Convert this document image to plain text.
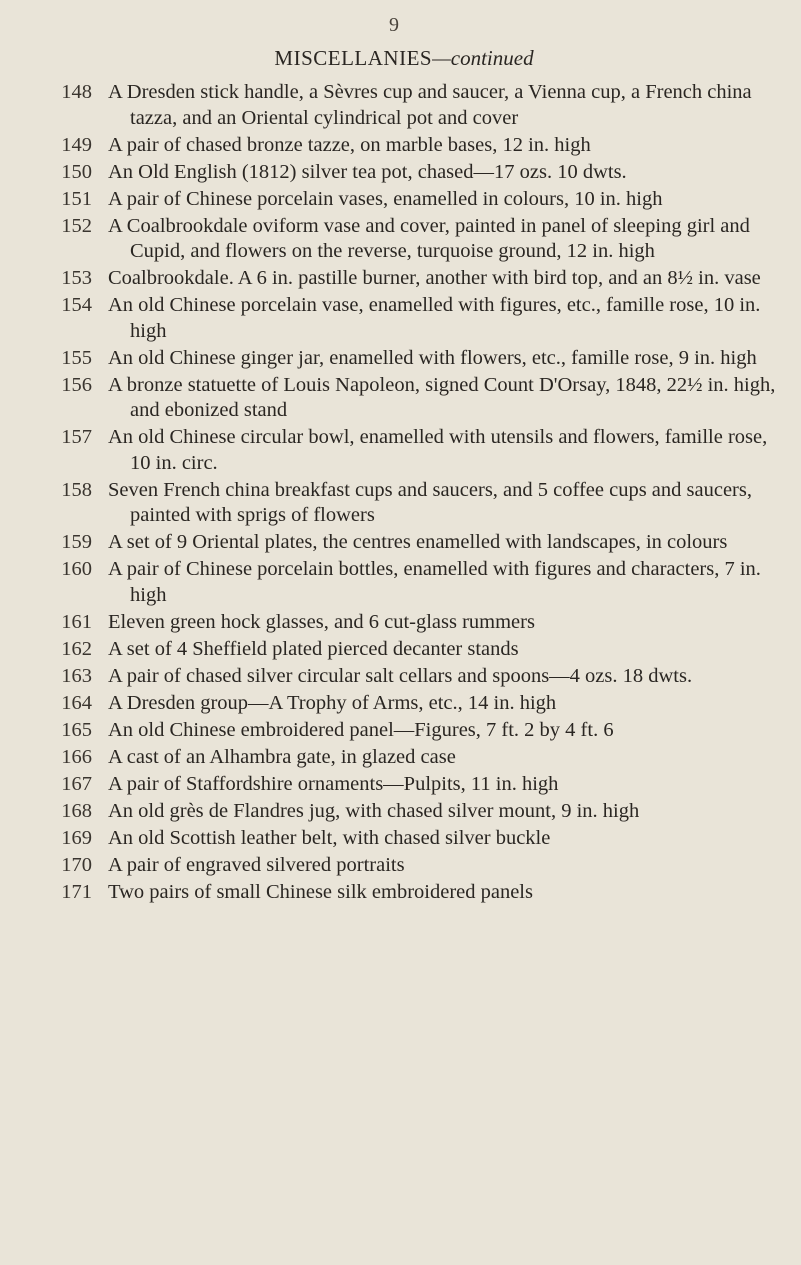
9
MISCELLANIES—continued
148 A Dresden stick handle, a Sèvres cup and saucer, a Vienna cup, a French china tazza, and an Oriental cylindrical pot and cover
149 A pair of chased bronze tazze, on marble bases, 12 in. high
150 An Old English (1812) silver tea pot, chased—17 ozs. 10 dwts.
151 A pair of Chinese porcelain vases, enamelled in colours, 10 in. high
152 A Coalbrookdale oviform vase and cover, painted in panel of sleeping girl and Cupid, and flowers on the reverse, turquoise ground, 12 in. high
153 Coalbrookdale. A 6 in. pastille burner, another with bird top, and an 8½ in. vase
154 An old Chinese porcelain vase, enamelled with figures, etc., famille rose, 10 in. high
155 An old Chinese ginger jar, enamelled with flowers, etc., famille rose, 9 in. high
156 A bronze statuette of Louis Napoleon, signed Count D'Orsay, 1848, 22½ in. high, and ebonized stand
157 An old Chinese circular bowl, enamelled with utensils and flowers, famille rose, 10 in. circ.
158 Seven French china breakfast cups and saucers, and 5 coffee cups and saucers, painted with sprigs of flowers
159 A set of 9 Oriental plates, the centres enamelled with landscapes, in colours
160 A pair of Chinese porcelain bottles, enamelled with figures and characters, 7 in. high
161 Eleven green hock glasses, and 6 cut-glass rummers
162 A set of 4 Sheffield plated pierced decanter stands
163 A pair of chased silver circular salt cellars and spoons—4 ozs. 18 dwts.
164 A Dresden group—A Trophy of Arms, etc., 14 in. high
165 An old Chinese embroidered panel—Figures, 7 ft. 2 by 4 ft. 6
166 A cast of an Alhambra gate, in glazed case
167 A pair of Staffordshire ornaments—Pulpits, 11 in. high
168 An old grès de Flandres jug, with chased silver mount, 9 in. high
169 An old Scottish leather belt, with chased silver buckle
170 A pair of engraved silvered portraits
171 Two pairs of small Chinese silk embroidered panels
